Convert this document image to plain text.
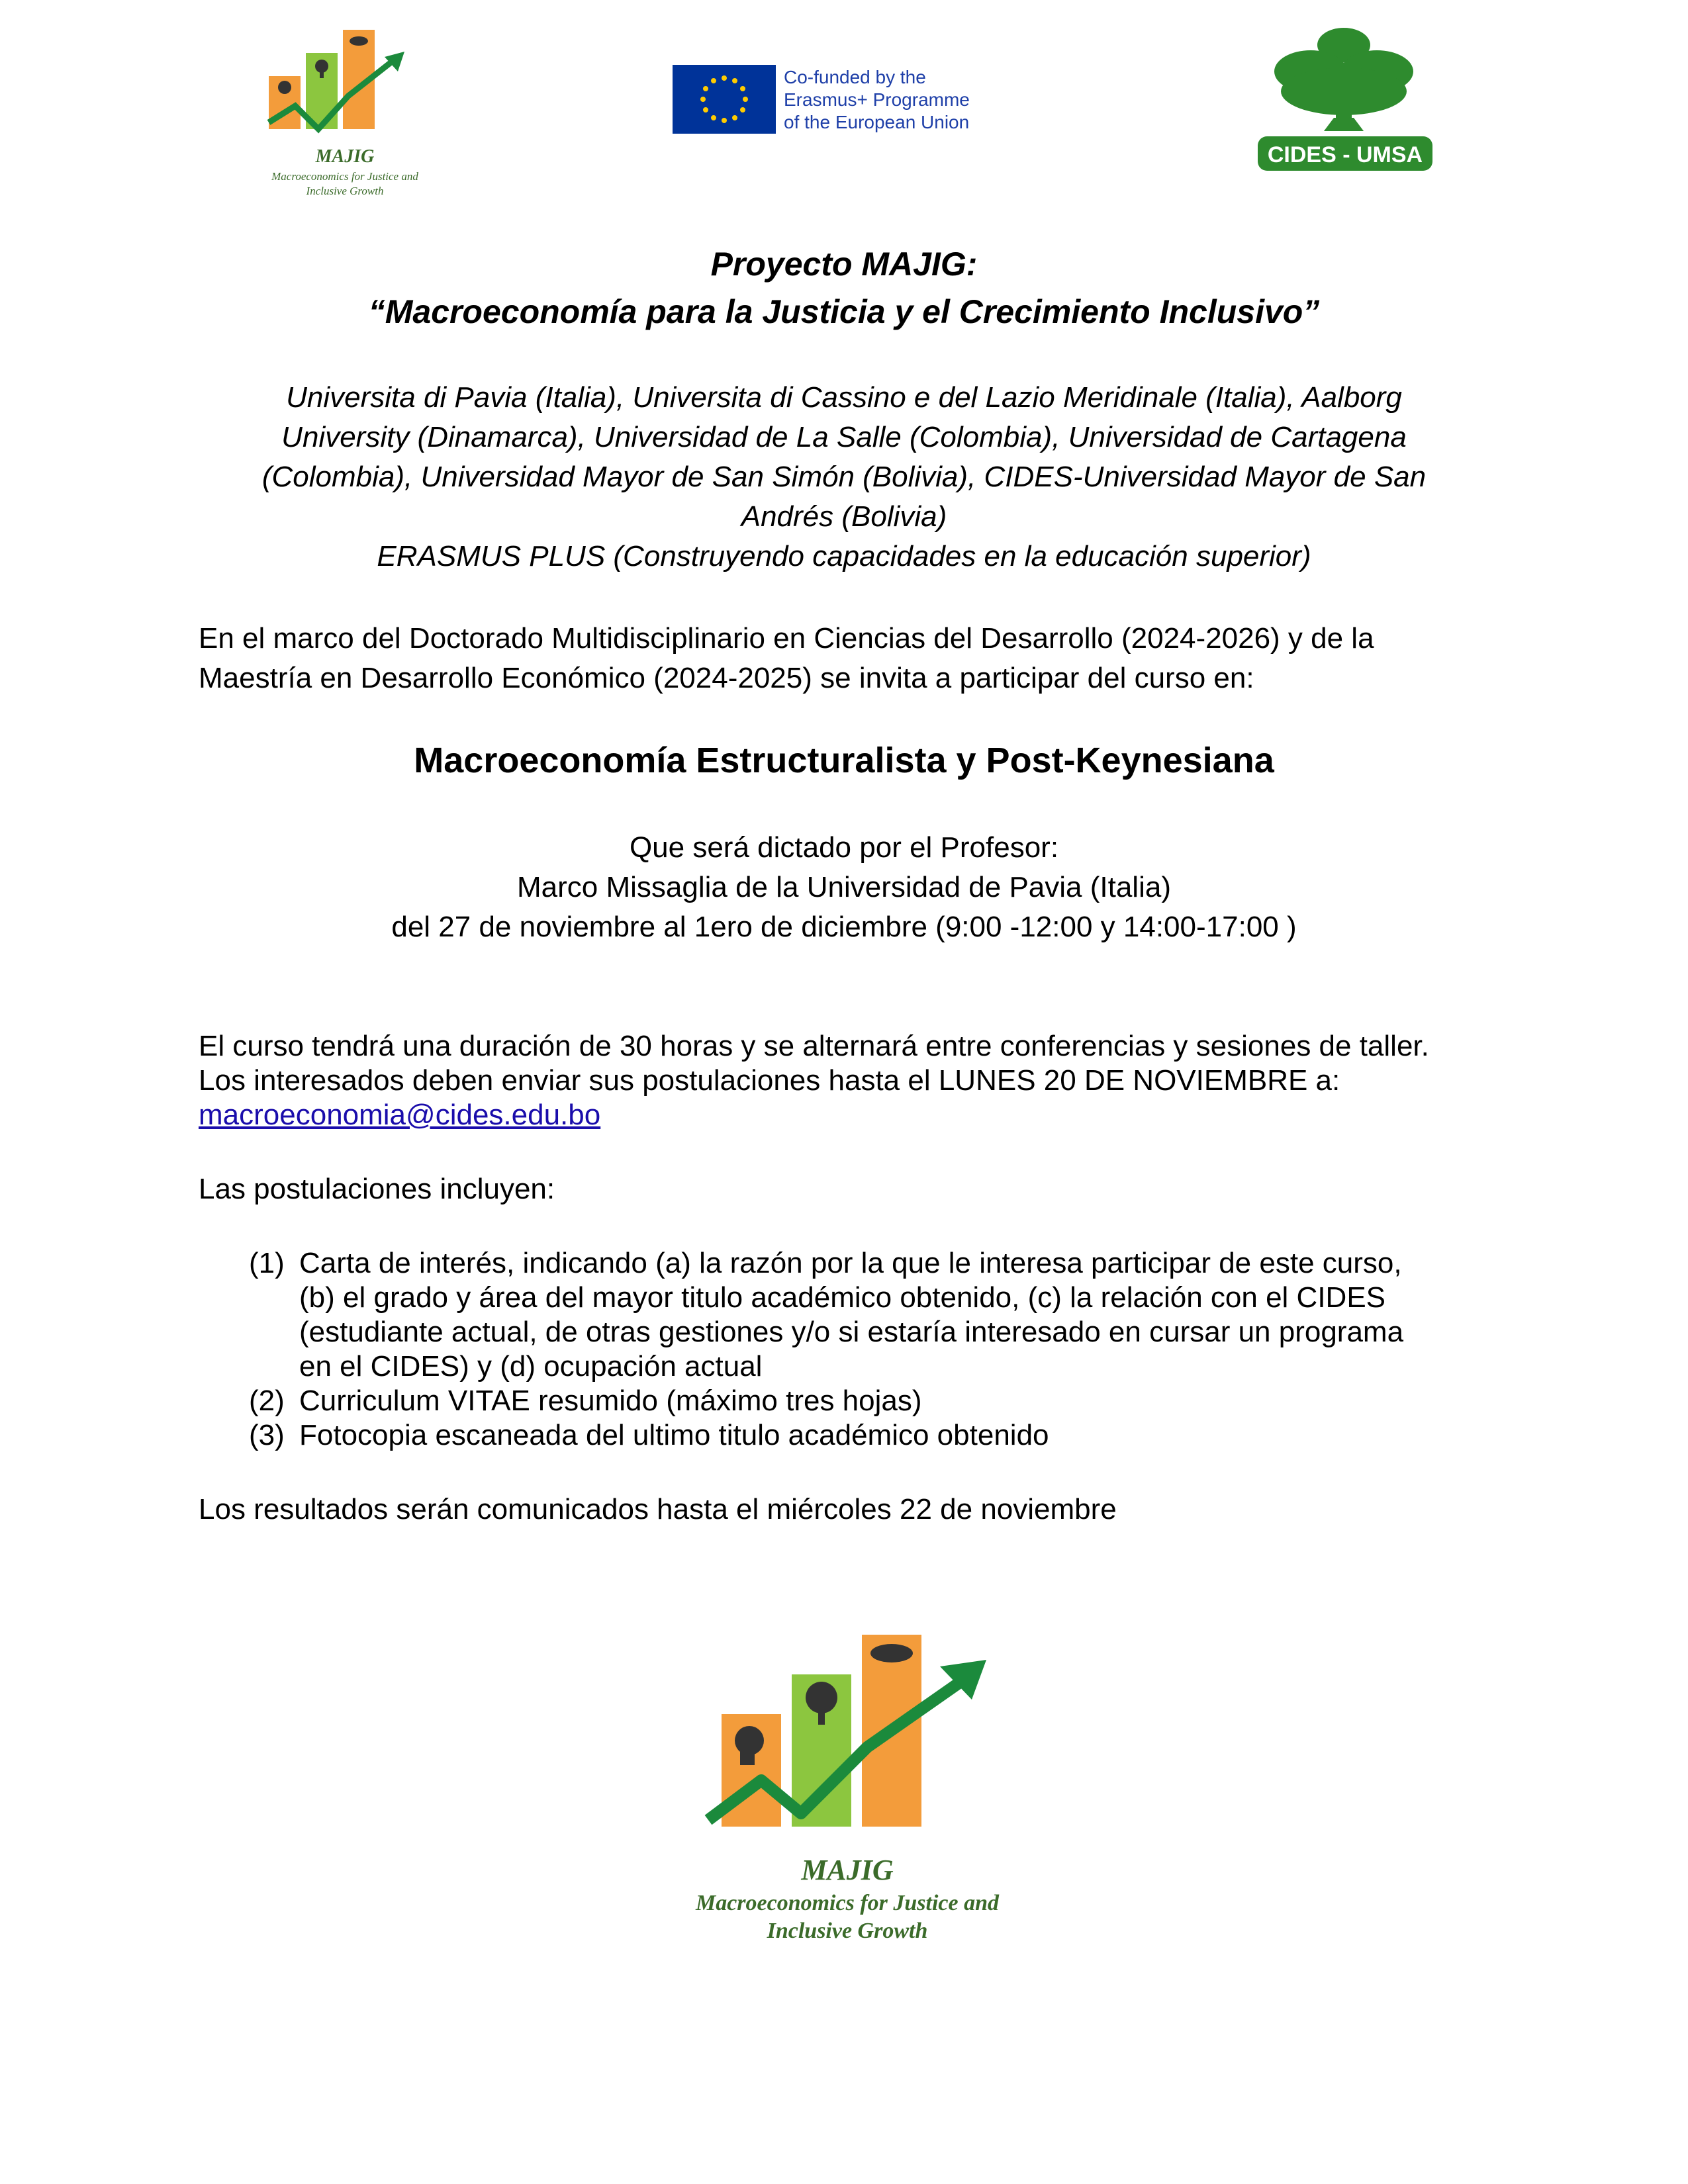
MAJIG
Macroeconomics for Justice and
Inclusive Growth
Co-funded by the
Erasmus+ Programme
of the European Union
CIDES - UMSA
Proyecto MAJIG:
“Macroeconomía para la Justicia y el Crecimiento Inclusivo”
Universita di Pavia (Italia), Universita di Cassino e del Lazio Meridinale (Italia), Aalborg
University (Dinamarca), Universidad de La Salle (Colombia), Universidad de Cartagena
(Colombia), Universidad Mayor de San Simón (Bolivia), CIDES-Universidad Mayor de San
Andrés (Bolivia)
ERASMUS PLUS (Construyendo capacidades en la educación superior)
En el marco del Doctorado Multidisciplinario en Ciencias del Desarrollo (2024-2026) y de la
Maestría en Desarrollo Económico (2024-2025) se invita a participar del curso en:
Macroeconomía Estructuralista y Post-Keynesiana
Que será dictado por el Profesor:
Marco Missaglia de la Universidad de Pavia (Italia)
del 27 de noviembre al 1ero de diciembre (9:00 -12:00 y 14:00-17:00 )
El curso tendrá una duración de 30 horas y se alternará entre conferencias y sesiones de taller.
Los interesados deben enviar sus postulaciones hasta el LUNES 20 DE NOVIEMBRE a:
macroeconomia@cides.edu.bo
Las postulaciones incluyen:
(1) Carta de interés, indicando (a) la razón por la que le interesa participar de este curso,
(b) el grado y área del mayor titulo académico obtenido, (c) la relación con el CIDES
(estudiante actual, de otras gestiones y/o si estaría interesado en cursar un programa
en el CIDES) y (d) ocupación actual
(2) Curriculum VITAE resumido (máximo tres hojas)
(3) Fotocopia escaneada del ultimo titulo académico obtenido
Los resultados serán comunicados hasta el miércoles 22 de noviembre
MAJIG
Macroeconomics for Justice and
Inclusive Growth
